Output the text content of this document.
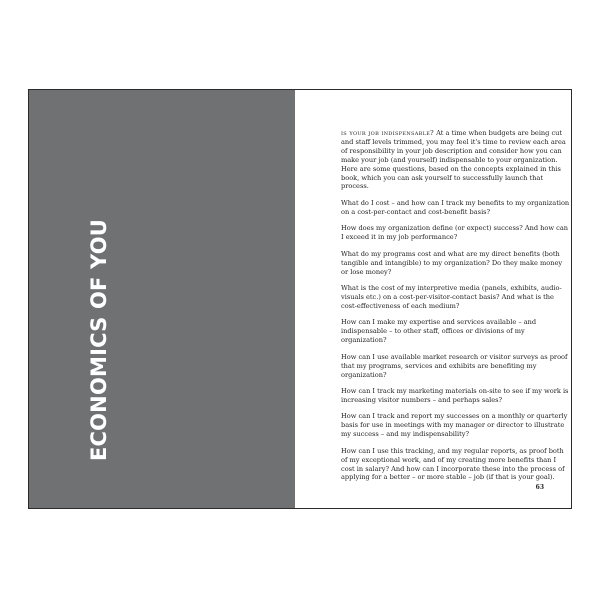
ECONOMICS OF YOU

is your job indispensable? At a time when budgets are being cut and staff levels trimmed, you may feel it's time to review each area of responsibility in your job description and consider how you can make your job (and yourself) indispensable to your organization. Here are some questions, based on the concepts explained in this book, which you can ask yourself to successfully launch that process.

What do I cost – and how can I track my benefits to my organization on a cost-per-contact and cost-benefit basis?

How does my organization define (or expect) success? And how can I exceed it in my job performance?

What do my programs cost and what are my direct benefits (both tangible and intangible) to my organization? Do they make money or lose money?

What is the cost of my interpretive media (panels, exhibits, audio-visuals etc.) on a cost-per-visitor-contact basis? And what is the cost-effectiveness of each medium?

How can I make my expertise and services available – and indispensable – to other staff, offices or divisions of my organization?

How can I use available market research or visitor surveys as proof that my programs, services and exhibits are benefiting my organization?

How can I track my marketing materials on-site to see if my work is increasing visitor numbers – and perhaps sales?

How can I track and report my successes on a monthly or quarterly basis for use in meetings with my manager or director to illustrate my success – and my indispensability?

How can I use this tracking, and my regular reports, as proof both of my exceptional work, and of my creating more benefits than I cost in salary? And how can I incorporate these into the process of applying for a better – or more stable – job (if that is your goal).

63
